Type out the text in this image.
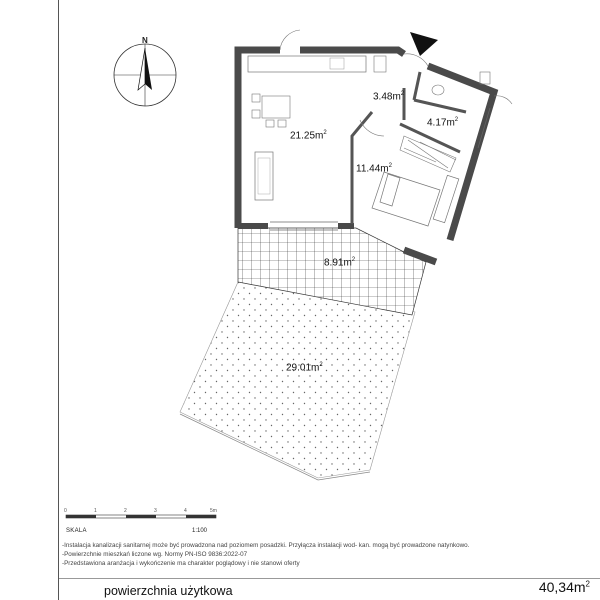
N
$21.25m^2$
$3.48m^2$
$4.17m^2$
$11.44m^2$
$8.91m^2$
$29.01m^2$
0	1	2	3	4	5m
SKALA	1:100
-Instalacja kanalizacji sanitarnej może być prowadzona nad poziomem posadzki. Przyłącza instalacji wod- kan. mogą być prowadzone natynkowo.
-Powierzchnie mieszkań liczone wg. Normy PN-ISO 9836:2022-07
-Przedstawiona aranżacja i wykończenie ma charakter poglądowy i nie stanowi oferty
powierzchnia użytkowa	$40,34m^2$
